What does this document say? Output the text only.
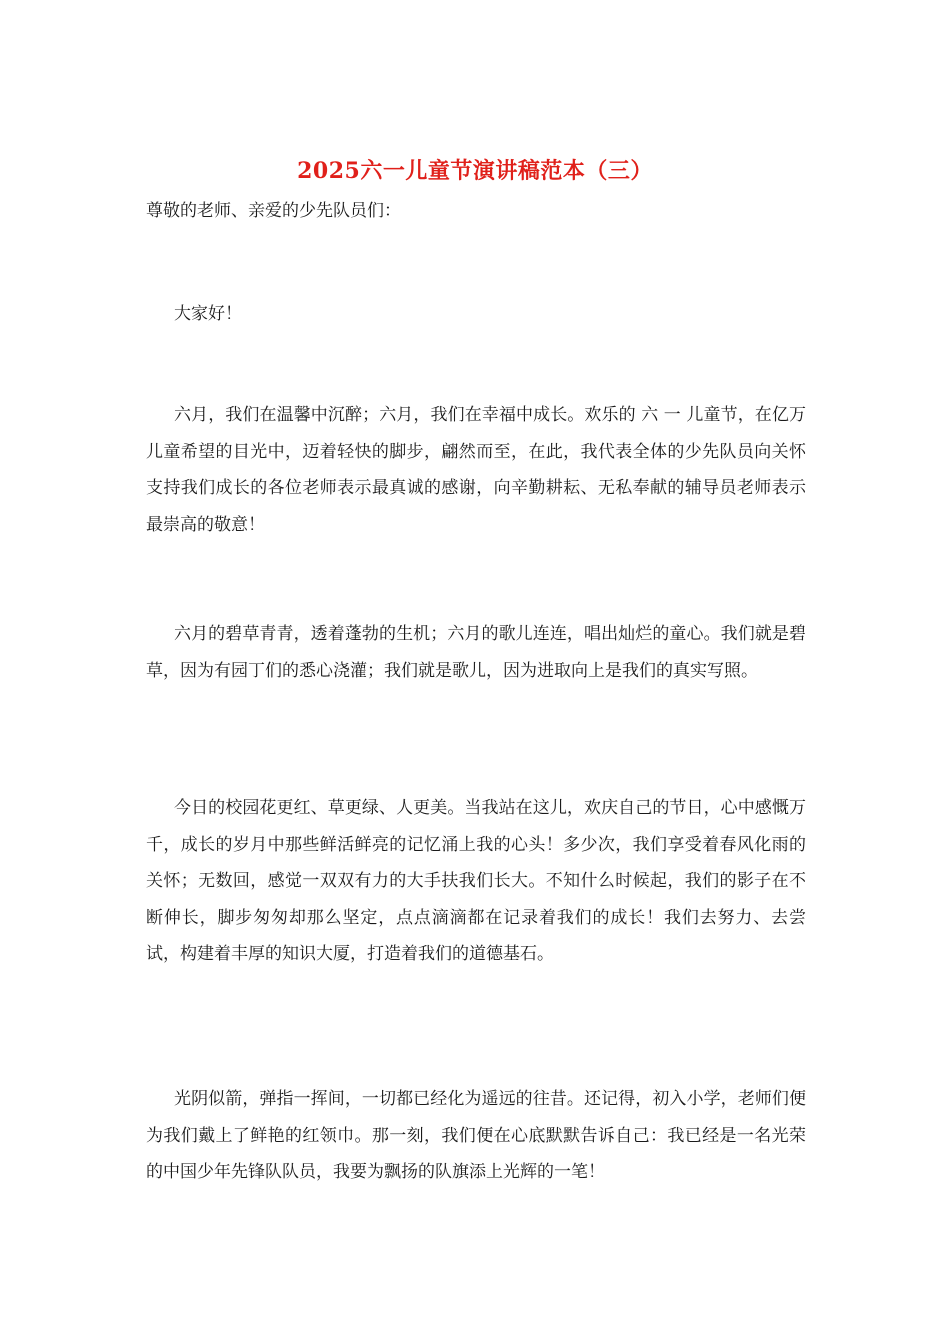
2025六一儿童节演讲稿范本（三）
尊敬的老师、亲爱的少先队员们：

大家好！

六月，我们在温馨中沉醉；六月，我们在幸福中成长。欢乐的 六 一 儿童节，在亿万儿童希望的目光中，迈着轻快的脚步，翩然而至，在此，我代表全体的少先队员向关怀支持我们成长的各位老师表示最真诚的感谢，向辛勤耕耘、无私奉献的辅导员老师表示最崇高的敬意！

六月的碧草青青，透着蓬勃的生机；六月的歌儿连连，唱出灿烂的童心。我们就是碧草，因为有园丁们的悉心浇灌；我们就是歌儿，因为进取向上是我们的真实写照。

今日的校园花更红、草更绿、人更美。当我站在这儿，欢庆自己的节日，心中感慨万千，成长的岁月中那些鲜活鲜亮的记忆涌上我的心头！多少次，我们享受着春风化雨的关怀；无数回，感觉一双双有力的大手扶我们长大。不知什么时候起，我们的影子在不断伸长，脚步匆匆却那么坚定，点点滴滴都在记录着我们的成长！我们去努力、去尝试，构建着丰厚的知识大厦，打造着我们的道德基石。

光阴似箭，弹指一挥间，一切都已经化为遥远的往昔。还记得，初入小学，老师们便为我们戴上了鲜艳的红领巾。那一刻，我们便在心底默默告诉自己：我已经是一名光荣的中国少年先锋队队员，我要为飘扬的队旗添上光辉的一笔！
